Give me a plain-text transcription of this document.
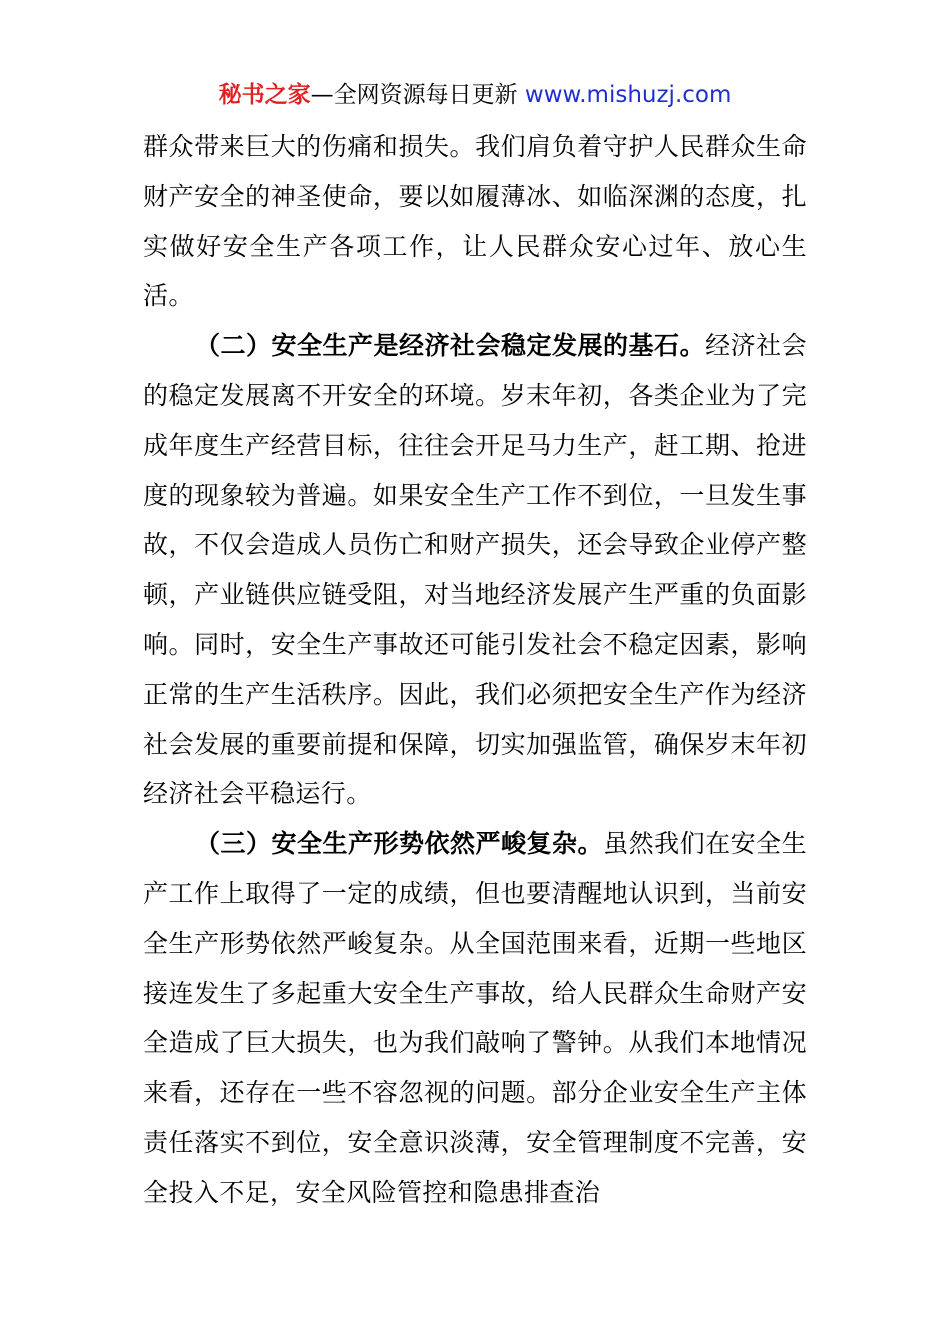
秘书之家—全网资源每日更新 www.mishuzj.com

群众带来巨大的伤痛和损失。我们肩负着守护人民群众生命财产安全的神圣使命，要以如履薄冰、如临深渊的态度，扎实做好安全生产各项工作，让人民群众安心过年、放心生活。

（二）安全生产是经济社会稳定发展的基石。经济社会的稳定发展离不开安全的环境。岁末年初，各类企业为了完成年度生产经营目标，往往会开足马力生产，赶工期、抢进度的现象较为普遍。如果安全生产工作不到位，一旦发生事故，不仅会造成人员伤亡和财产损失，还会导致企业停产整顿，产业链供应链受阻，对当地经济发展产生严重的负面影响。同时，安全生产事故还可能引发社会不稳定因素，影响正常的生产生活秩序。因此，我们必须把安全生产作为经济社会发展的重要前提和保障，切实加强监管，确保岁末年初经济社会平稳运行。

（三）安全生产形势依然严峻复杂。虽然我们在安全生产工作上取得了一定的成绩，但也要清醒地认识到，当前安全生产形势依然严峻复杂。从全国范围来看，近期一些地区接连发生了多起重大安全生产事故，给人民群众生命财产安全造成了巨大损失，也为我们敲响了警钟。从我们本地情况来看，还存在一些不容忽视的问题。部分企业安全生产主体责任落实不到位，安全意识淡薄，安全管理制度不完善，安全投入不足，安全风险管控和隐患排查治
